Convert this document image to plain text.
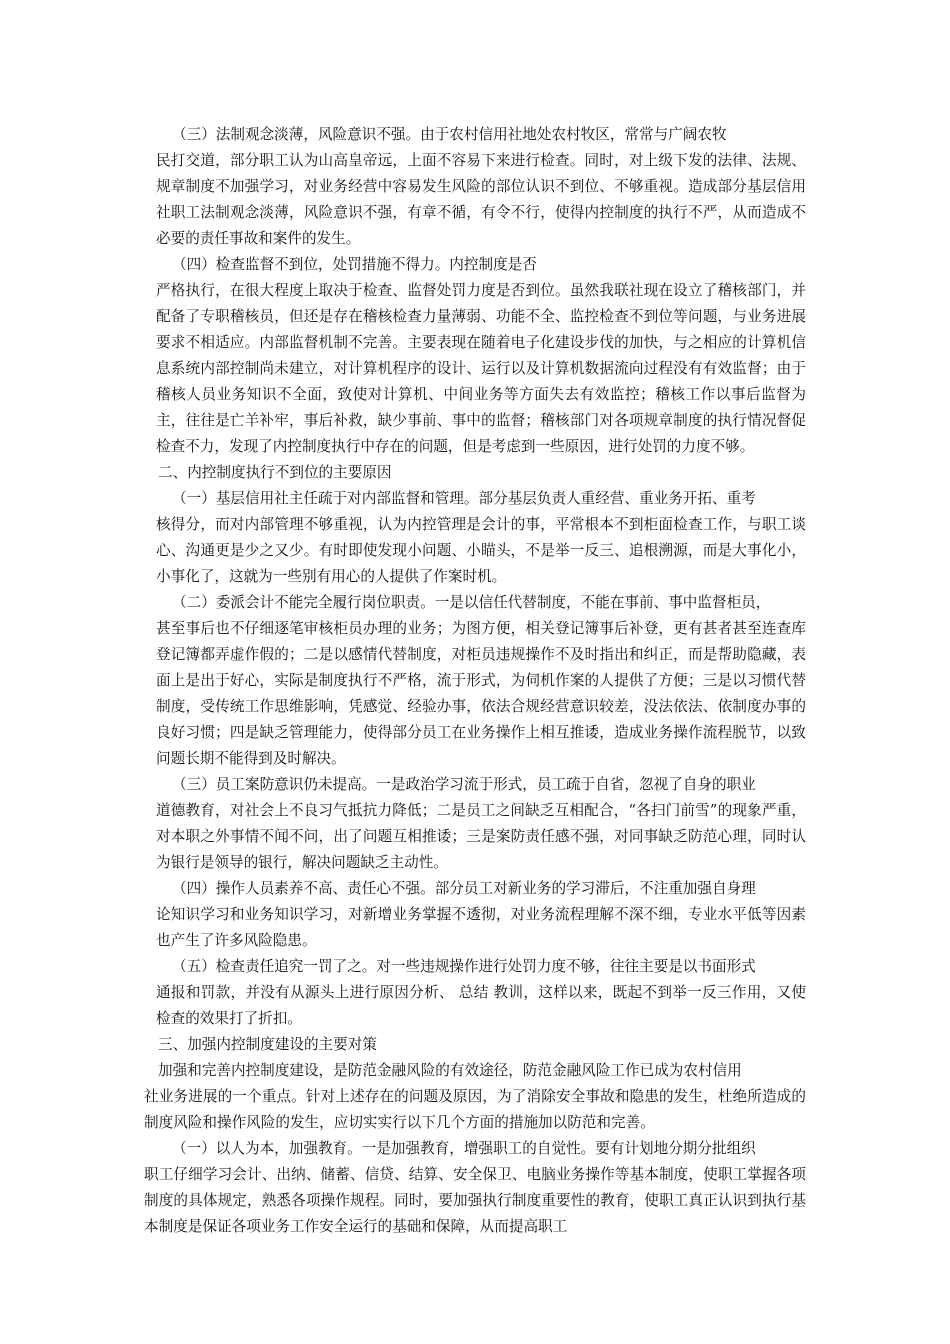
（三）法制观念淡薄，风险意识不强。由于农村信用社地处农村牧区，常常与广阔农牧
民打交道，部分职工认为山高皇帝远，上面不容易下来进行检查。同时，对上级下发的法律、法规、规章制度不加强学习，对业务经营中容易发生风险的部位认识不到位、不够重视。造成部分基层信用社职工法制观念淡薄，风险意识不强，有章不循，有令不行，使得内控制度的执行不严，从而造成不必要的责任事故和案件的发生。

（四）检查监督不到位，处罚措施不得力。内控制度是否
严格执行，在很大程度上取决于检查、监督处罚力度是否到位。虽然我联社现在设立了稽核部门，并配备了专职稽核员，但还是存在稽核检查力量薄弱、功能不全、监控检查不到位等问题，与业务进展要求不相适应。内部监督机制不完善。主要表现在随着电子化建设步伐的加快，与之相应的计算机信息系统内部控制尚未建立，对计算机程序的设计、运行以及计算机数据流向过程没有有效监督；由于稽核人员业务知识不全面，致使对计算机、中间业务等方面失去有效监控；稽核工作以事后监督为主，往往是亡羊补牢，事后补救，缺少事前、事中的监督；稽核部门对各项规章制度的执行情况督促检查不力，发现了内控制度执行中存在的问题，但是考虑到一些原因，进行处罚的力度不够。

二、内控制度执行不到位的主要原因

（一）基层信用社主任疏于对内部监督和管理。部分基层负责人重经营、重业务开拓、重考
核得分，而对内部管理不够重视，认为内控管理是会计的事，平常根本不到柜面检查工作，与职工谈心、沟通更是少之又少。有时即使发现小问题、小瞄头，不是举一反三、追根溯源，而是大事化小，小事化了，这就为一些别有用心的人提供了作案时机。

（二）委派会计不能完全履行岗位职责。一是以信任代替制度，不能在事前、事中监督柜员，
甚至事后也不仔细逐笔审核柜员办理的业务；为图方便，相关登记簿事后补登，更有甚者甚至连查库登记簿都弄虚作假的；二是以感情代替制度，对柜员违规操作不及时指出和纠正，而是帮助隐藏，表面上是出于好心，实际是制度执行不严格，流于形式，为伺机作案的人提供了方便；三是以习惯代替制度，受传统工作思维影响，凭感觉、经验办事，依法合规经营意识较差，没法依法、依制度办事的良好习惯；四是缺乏管理能力，使得部分员工在业务操作上相互推诿，造成业务操作流程脱节，以致问题长期不能得到及时解决。

（三）员工案防意识仍未提高。一是政治学习流于形式，员工疏于自省，忽视了自身的职业
道德教育，对社会上不良习气抵抗力降低；二是员工之间缺乏互相配合，“各扫门前雪”的现象严重，对本职之外事情不闻不问，出了问题互相推诿；三是案防责任感不强，对同事缺乏防范心理，同时认为银行是领导的银行，解决问题缺乏主动性。

（四）操作人员素养不高、责任心不强。部分员工对新业务的学习滞后，不注重加强自身理
论知识学习和业务知识学习，对新增业务掌握不透彻，对业务流程理解不深不细，专业水平低等因素也产生了许多风险隐患。

（五）检查责任追究一罚了之。对一些违规操作进行处罚力度不够，往往主要是以书面形式
通报和罚款，并没有从源头上进行原因分析、 总结 教训，这样以来，既起不到举一反三作用，又使检查的效果打了折扣。

三、加强内控制度建设的主要对策

加强和完善内控制度建设，是防范金融风险的有效途径，防范金融风险工作已成为农村信用
社业务进展的一个重点。针对上述存在的问题及原因，为了消除安全事故和隐患的发生，杜绝所造成的制度风险和操作风险的发生，应切实实行以下几个方面的措施加以防范和完善。

（一）以人为本，加强教育。一是加强教育，增强职工的自觉性。要有计划地分期分批组织
职工仔细学习会计、出纳、储蓄、信贷、结算、安全保卫、电脑业务操作等基本制度，使职工掌握各项制度的具体规定，熟悉各项操作规程。同时，要加强执行制度重要性的教育，使职工真正认识到执行基本制度是保证各项业务工作安全运行的基础和保障，从而提高职工
